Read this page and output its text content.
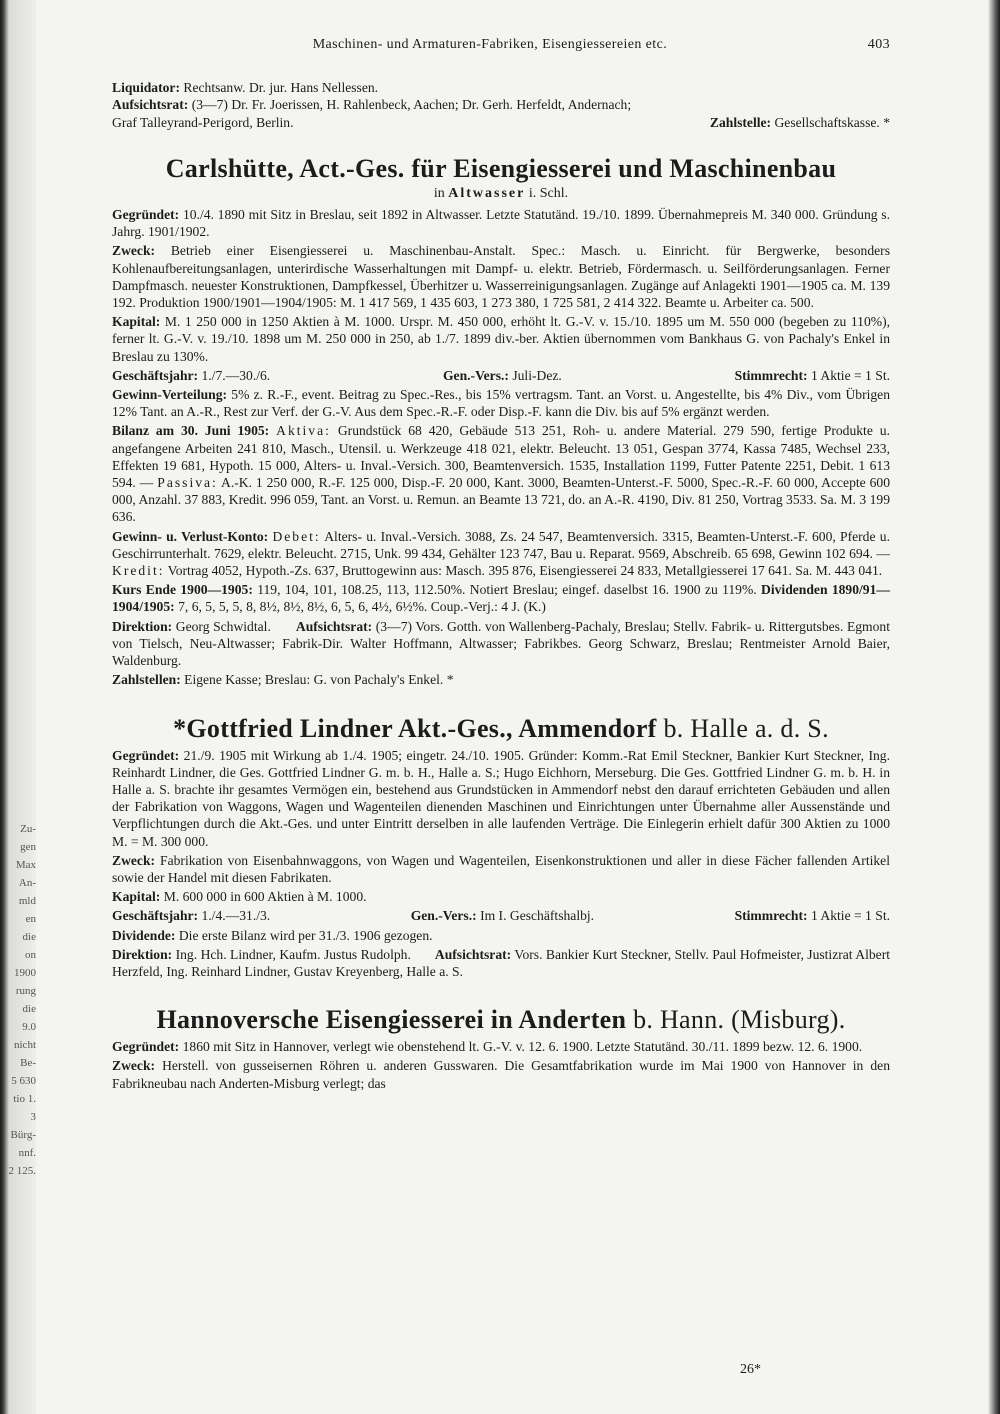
Zu-
gen
Max
An-
mld
en
die
on
1900
rung
die
9.0
nicht
Be-
5 630
tio 1.
3
Bürg-
nnf.
2 125.
Maschinen- und Armaturen-Fabriken, Eisengiessereien etc.	403

Liquidator: Rechtsanw. Dr. jur. Hans Nellessen.

Aufsichtsrat: (3—7) Dr. Fr. Joerissen, H. Rahlenbeck, Aachen; Dr. Gerh. Herfeldt, Andernach;

Graf Talleyrand-Perigord, Berlin.	Zahlstelle: Gesellschaftskasse. *
Carlshütte, Act.-Ges. für Eisengiesserei und Maschinenbau
in Altwasser i. Schl.

Gegründet: 10./4. 1890 mit Sitz in Breslau, seit 1892 in Altwasser. Letzte Statutänd. 19./10. 1899. Übernahmepreis M. 340 000. Gründung s. Jahrg. 1901/1902.

Zweck: Betrieb einer Eisengiesserei u. Maschinenbau-Anstalt. Spec.: Masch. u. Einricht. für Bergwerke, besonders Kohlenaufbereitungsanlagen, unterirdische Wasserhaltungen mit Dampf- u. elektr. Betrieb, Fördermasch. u. Seilförderungsanlagen. Ferner Dampfmasch. neuester Konstruktionen, Dampfkessel, Überhitzer u. Wasserreinigungsanlagen. Zugänge auf Anlagekti 1901—1905 ca. M. 139 192. Produktion 1900/1901—1904/1905: M. 1 417 569, 1 435 603, 1 273 380, 1 725 581, 2 414 322. Beamte u. Arbeiter ca. 500.

Kapital: M. 1 250 000 in 1250 Aktien à M. 1000. Urspr. M. 450 000, erhöht lt. G.-V. v. 15./10. 1895 um M. 550 000 (begeben zu 110%), ferner lt. G.-V. v. 19./10. 1898 um M. 250 000 in 250, ab 1./7. 1899 div.-ber. Aktien übernommen vom Bankhaus G. von Pachaly's Enkel in Breslau zu 130%.

Geschäftsjahr: 1./7.—30./6.	Gen.-Vers.: Juli-Dez.	Stimmrecht: 1 Aktie = 1 St.

Gewinn-Verteilung: 5% z. R.-F., event. Beitrag zu Spec.-Res., bis 15% vertragsm. Tant. an Vorst. u. Angestellte, bis 4% Div., vom Übrigen 12% Tant. an A.-R., Rest zur Verf. der G.-V. Aus dem Spec.-R.-F. oder Disp.-F. kann die Div. bis auf 5% ergänzt werden.

Bilanz am 30. Juni 1905: Aktiva: Grundstück 68 420, Gebäude 513 251, Roh- u. andere Material. 279 590, fertige Produkte u. angefangene Arbeiten 241 810, Masch., Utensil. u. Werkzeuge 418 021, elektr. Beleucht. 13 051, Gespan 3774, Kassa 7485, Wechsel 233, Effekten 19 681, Hypoth. 15 000, Alters- u. Inval.-Versich. 300, Beamtenversich. 1535, Installation 1199, Futter Patente 2251, Debit. 1 613 594. — Passiva: A.-K. 1 250 000, R.-F. 125 000, Disp.-F. 20 000, Kant. 3000, Beamten-Unterst.-F. 5000, Spec.-R.-F. 60 000, Accepte 600 000, Anzahl. 37 883, Kredit. 996 059, Tant. an Vorst. u. Remun. an Beamte 13 721, do. an A.-R. 4190, Div. 81 250, Vortrag 3533. Sa. M. 3 199 636.

Gewinn- u. Verlust-Konto: Debet: Alters- u. Inval.-Versich. 3088, Zs. 24 547, Beamtenversich. 3315, Beamten-Unterst.-F. 600, Pferde u. Geschirrunterhalt. 7629, elektr. Beleucht. 2715, Unk. 99 434, Gehälter 123 747, Bau u. Reparat. 9569, Abschreib. 65 698, Gewinn 102 694. — Kredit: Vortrag 4052, Hypoth.-Zs. 637, Bruttogewinn aus: Masch. 395 876, Eisengiesserei 24 833, Metallgiesserei 17 641. Sa. M. 443 041.

Kurs Ende 1900—1905: 119, 104, 101, 108.25, 113, 112.50%. Notiert Breslau; eingef. daselbst 16. 1900 zu 119%. Dividenden 1890/91—1904/1905: 7, 6, 5, 5, 5, 8, 8½, 8½, 8½, 6, 5, 6, 4½, 6½%. Coup.-Verj.: 4 J. (K.)

Direktion: Georg Schwidtal. Aufsichtsrat: (3—7) Vors. Gotth. von Wallenberg-Pachaly, Breslau; Stellv. Fabrik- u. Rittergutsbes. Egmont von Tielsch, Neu-Altwasser; Fabrik-Dir. Walter Hoffmann, Altwasser; Fabrikbes. Georg Schwarz, Breslau; Rentmeister Arnold Baier, Waldenburg.

Zahlstellen: Eigene Kasse; Breslau: G. von Pachaly's Enkel. *

*Gottfried Lindner Akt.-Ges., Ammendorf b. Halle a. d. S.

Gegründet: 21./9. 1905 mit Wirkung ab 1./4. 1905; eingetr. 24./10. 1905. Gründer: Komm.-Rat Emil Steckner, Bankier Kurt Steckner, Ing. Reinhardt Lindner, die Ges. Gottfried Lindner G. m. b. H., Halle a. S.; Hugo Eichhorn, Merseburg. Die Ges. Gottfried Lindner G. m. b. H. in Halle a. S. brachte ihr gesamtes Vermögen ein, bestehend aus Grundstücken in Ammendorf nebst den darauf errichteten Gebäuden und allen der Fabrikation von Waggons, Wagen und Wagenteilen dienenden Maschinen und Einrichtungen unter Übernahme aller Aussenstände und Verpflichtungen durch die Akt.-Ges. und unter Eintritt derselben in alle laufenden Verträge. Die Einlegerin erhielt dafür 300 Aktien zu 1000 M. = M. 300 000.

Zweck: Fabrikation von Eisenbahnwaggons, von Wagen und Wagenteilen, Eisenkonstruktionen und aller in diese Fächer fallenden Artikel sowie der Handel mit diesen Fabrikaten.

Kapital: M. 600 000 in 600 Aktien à M. 1000.

Geschäftsjahr: 1./4.—31./3.	Gen.-Vers.: Im I. Geschäftshalbj.	Stimmrecht: 1 Aktie = 1 St.

Dividende: Die erste Bilanz wird per 31./3. 1906 gezogen.

Direktion: Ing. Hch. Lindner, Kaufm. Justus Rudolph. Aufsichtsrat: Vors. Bankier Kurt Steckner, Stellv. Paul Hofmeister, Justizrat Albert Herzfeld, Ing. Reinhard Lindner, Gustav Kreyenberg, Halle a. S.

Hannoversche Eisengiesserei in Anderten b. Hann. (Misburg).

Gegründet: 1860 mit Sitz in Hannover, verlegt wie obenstehend lt. G.-V. v. 12. 6. 1900. Letzte Statutänd. 30./11. 1899 bezw. 12. 6. 1900.

Zweck: Herstell. von gusseisernen Röhren u. anderen Gusswaren. Die Gesamtfabrikation wurde im Mai 1900 von Hannover in den Fabrikneubau nach Anderten-Misburg verlegt; das

26*
